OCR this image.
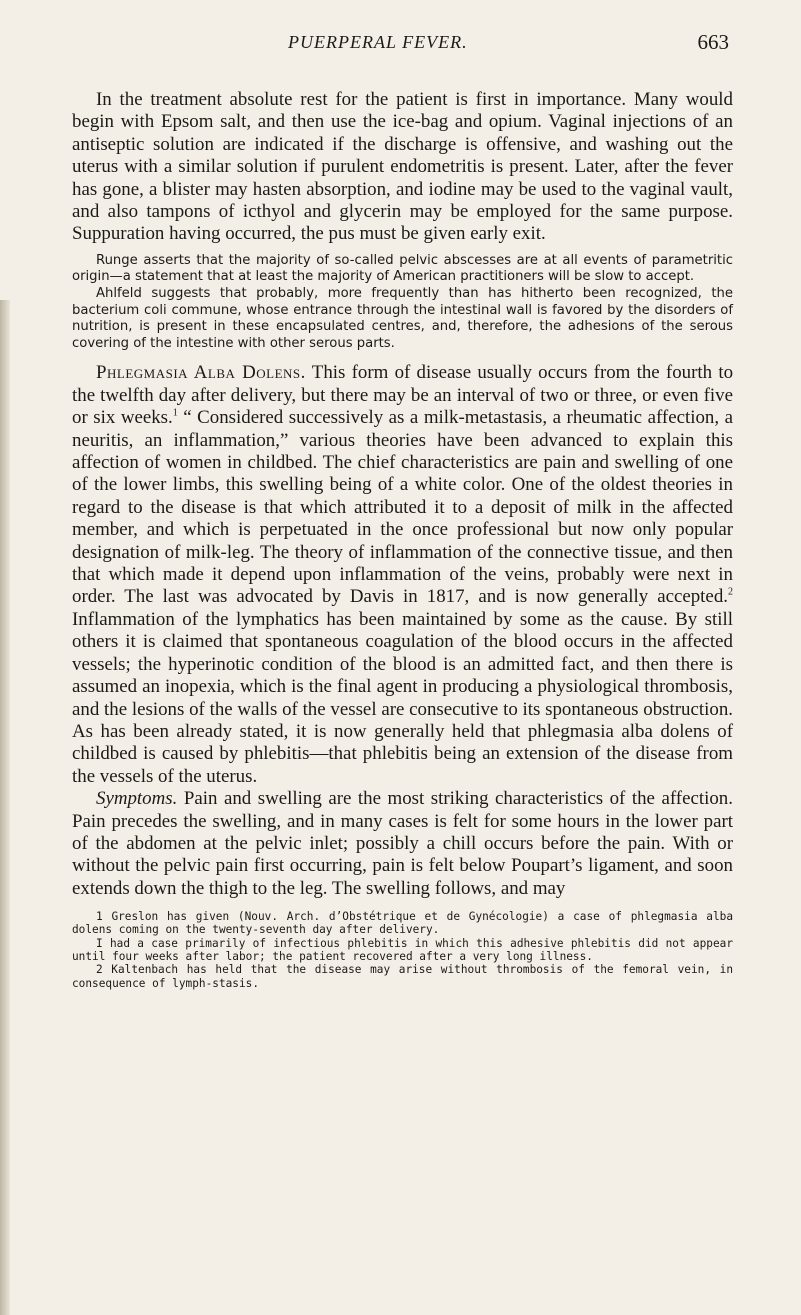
PUERPERAL FEVER.	663

In the treatment absolute rest for the patient is first in importance. Many would begin with Epsom salt, and then use the ice-bag and opium. Vaginal injections of an antiseptic solution are indicated if the discharge is offensive, and washing out the uterus with a similar solution if purulent endometritis is present. Later, after the fever has gone, a blister may hasten absorption, and iodine may be used to the vaginal vault, and also tampons of icthyol and glycerin may be employed for the same purpose. Suppuration having occurred, the pus must be given early exit.

Runge asserts that the majority of so-called pelvic abscesses are at all events of parametritic origin—a statement that at least the majority of American practitioners will be slow to accept.

Ahlfeld suggests that probably, more frequently than has hitherto been recognized, the bacterium coli commune, whose entrance through the intestinal wall is favored by the disorders of nutrition, is present in these encapsulated centres, and, therefore, the adhesions of the serous covering of the intestine with other serous parts.

Phlegmasia Alba Dolens. This form of disease usually occurs from the fourth to the twelfth day after delivery, but there may be an interval of two or three, or even five or six weeks.$^1$ “ Considered successively as a milk-metastasis, a rheumatic affection, a neuritis, an inflammation,” various theories have been advanced to explain this affection of women in childbed. The chief characteristics are pain and swelling of one of the lower limbs, this swelling being of a white color. One of the oldest theories in regard to the disease is that which attributed it to a deposit of milk in the affected member, and which is perpetuated in the once professional but now only popular designation of milk-leg. The theory of inflammation of the connective tissue, and then that which made it depend upon inflammation of the veins, probably were next in order. The last was advocated by Davis in 1817, and is now generally accepted.$^2$ Inflammation of the lymphatics has been maintained by some as the cause. By still others it is claimed that spontaneous coagulation of the blood occurs in the affected vessels; the hyperinotic condition of the blood is an admitted fact, and then there is assumed an inopexia, which is the final agent in producing a physiological thrombosis, and the lesions of the walls of the vessel are consecutive to its spontaneous obstruction. As has been already stated, it is now generally held that phlegmasia alba dolens of childbed is caused by phlebitis—that phlebitis being an extension of the disease from the vessels of the uterus.

Symptoms. Pain and swelling are the most striking characteristics of the affection. Pain precedes the swelling, and in many cases is felt for some hours in the lower part of the abdomen at the pelvic inlet; possibly a chill occurs before the pain. With or without the pelvic pain first occurring, pain is felt below Poupart’s ligament, and soon extends down the thigh to the leg. The swelling follows, and may

1 Greslon has given (Nouv. Arch. d’Obstétrique et de Gynécologie) a case of phlegmasia alba dolens coming on the twenty-seventh day after delivery.

I had a case primarily of infectious phlebitis in which this adhesive phlebitis did not appear until four weeks after labor; the patient recovered after a very long illness.

2 Kaltenbach has held that the disease may arise without thrombosis of the femoral vein, in consequence of lymph-stasis.
